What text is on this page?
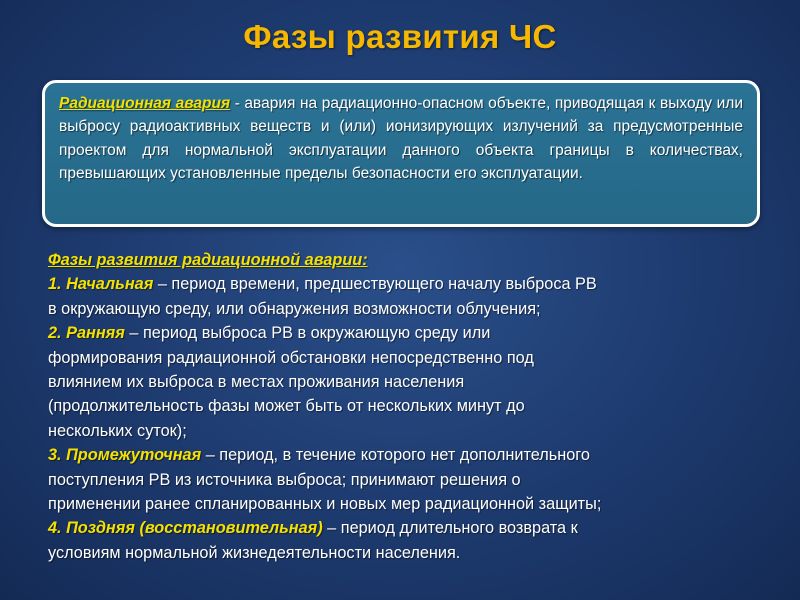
Фазы развития ЧС

Радиационная авария - авария на радиационно-опасном объекте, приводящая к выходу или выбросу радиоактивных веществ и (или) ионизирующих излучений за предусмотренные проектом для нормальной эксплуатации данного объекта границы в количествах, превышающих установленные пределы безопасности его эксплуатации.

Фазы развития радиационной аварии:

1. Начальная – период времени, предшествующего началу выброса РВ

в окружающую среду, или обнаружения возможности облучения;

2. Ранняя – период выброса РВ в окружающую среду или

формирования радиационной обстановки непосредственно под

влиянием их выброса в местах проживания населения

(продолжительность фазы может быть от нескольких минут до

нескольких суток);

3. Промежуточная – период, в течение которого нет дополнительного

поступления РВ из источника выброса; принимают решения о

применении ранее спланированных и новых мер радиационной защиты;

4. Поздняя (восстановительная) – период длительного возврата к

условиям нормальной жизнедеятельности населения.
